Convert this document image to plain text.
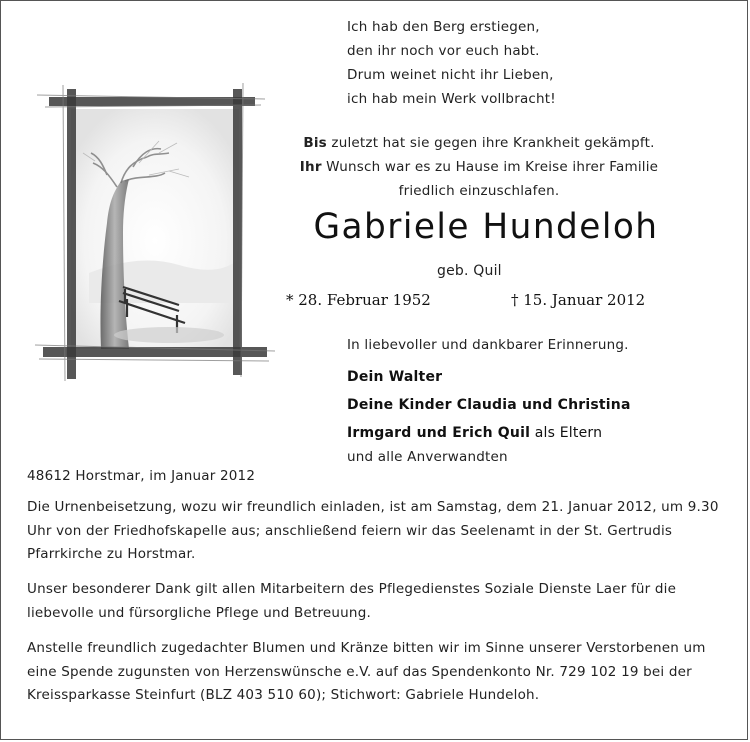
Ich hab den Berg erstiegen,
den ihr noch vor euch habt.
Drum weinet nicht ihr Lieben,
ich hab mein Werk vollbracht!
Bis zuletzt hat sie gegen ihre Krankheit gekämpft.
Ihr Wunsch war es zu Hause im Kreise ihrer Familie
friedlich einzuschlafen.
Gabriele Hundeloh
geb. Quil
* 28. Februar 1952	† 15. Januar 2012
In liebevoller und dankbarer Erinnerung.
Dein Walter
Deine Kinder Claudia und Christina
Irmgard und Erich Quil als Eltern
und alle Anverwandten
48612 Horstmar, im Januar 2012
Die Urnenbeisetzung, wozu wir freundlich einladen, ist am Samstag, dem 21. Januar 2012, um 9.30 Uhr von der Friedhofskapelle aus; anschließend feiern wir das Seelenamt in der St. Gertrudis Pfarrkirche zu Horstmar.
Unser besonderer Dank gilt allen Mitarbeitern des Pflegedienstes Soziale Dienste Laer für die liebevolle und fürsorgliche Pflege und Betreuung.
Anstelle freundlich zugedachter Blumen und Kränze bitten wir im Sinne unserer Verstorbenen um eine Spende zugunsten von Herzenswünsche e.V. auf das Spendenkonto Nr. 729 102 19 bei der Kreissparkasse Steinfurt (BLZ 403 510 60); Stichwort: Gabriele Hundeloh.
